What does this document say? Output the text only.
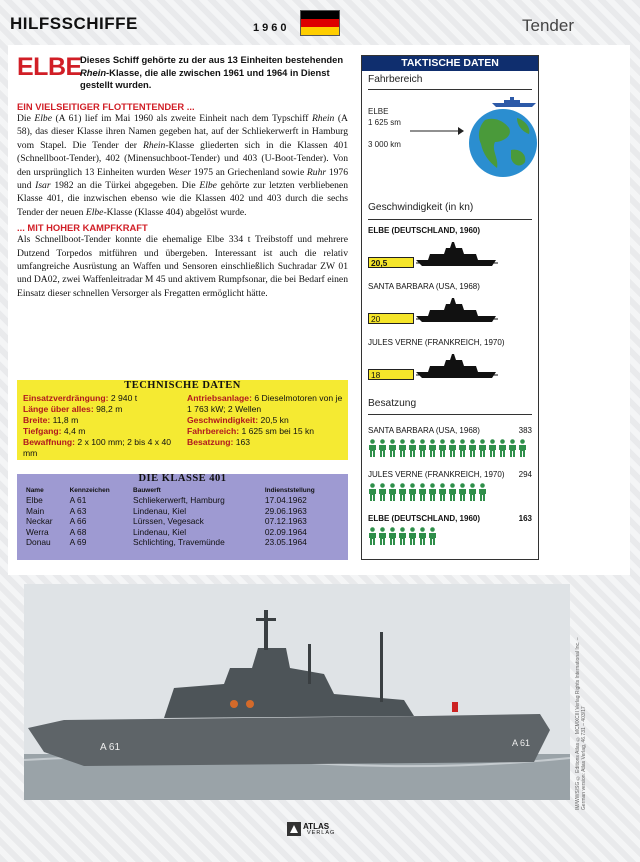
HILFSSCHIFFE	1960	Tender
ELBE
Dieses Schiff gehörte zu der aus 13 Einheiten bestehenden Rhein-Klasse, die alle zwischen 1961 und 1964 in Dienst gestellt wurden.
EIN VIELSEITIGER FLOTTENTENDER ...
Die Elbe (A 61) lief im Mai 1960 als zweite Einheit nach dem Typschiff Rhein (A 58), das dieser Klasse ihren Namen gegeben hat, auf der Schliekerwerft in Hamburg vom Stapel. Die Tender der Rhein-Klasse gliederten sich in die Klassen 401 (Schnellboot-Tender), 402 (Minensuchboot-Tender) und 403 (U-Boot-Tender). Von den ursprünglich 13 Einheiten wurden Weser 1975 an Griechenland sowie Ruhr 1976 und Isar 1982 an die Türkei abgegeben. Die Elbe gehörte zur letzten verbliebenen Klasse 401, die inzwischen ebenso wie die Klassen 402 und 403 durch die sechs Tender der neuen Elbe-Klasse (Klasse 404) abgelöst wurde.
... MIT HOHER KAMPFKRAFT
Als Schnellboot-Tender konnte die ehemalige Elbe 334 t Treibstoff und mehrere Dutzend Torpedos mitführen und übergeben. Interessant ist auch die relativ umfangreiche Ausrüstung an Waffen und Sensoren einschließlich Suchradar ZW 01 und DA02, zwei Waffenleitradar M 45 und aktivem Rumpfsonar, die bei Bedarf einen Einsatz dieser schnellen Versorger als Fregatten ermöglicht hätte.
TECHNISCHE DATEN
Einsatzverdrängung: 2 940 t
Länge über alles: 98,2 m
Breite: 11,8 m
Tiefgang: 4,4 m
Bewaffnung: 2 x 100 mm; 2 bis 4 x 40 mm
Antriebsanlage: 6 Dieselmotoren von je 1 763 kW; 2 Wellen
Geschwindigkeit: 20,5 kn
Fahrbereich: 1 625 sm bei 15 kn
Besatzung: 163
DIE KLASSE 401
Name	Kennzeichen	Bauwerft	Indienststellung
Elbe	A 61	Schliekerwerft, Hamburg	17.04.1962
Main	A 63	Lindenau, Kiel	29.06.1963
Neckar	A 66	Lürssen, Vegesack	07.12.1963
Werra	A 68	Lindenau, Kiel	02.09.1964
Donau	A 69	Schlichting, Travemünde	23.05.1964
TAKTISCHE DATEN
Fahrbereich
ELBE
1 625 sm
3 000 km
Geschwindigkeit (in kn)
ELBE (DEUTSCHLAND, 1960)
20,5
SANTA BARBARA (USA, 1968)
20
JULES VERNE (FRANKREICH, 1970)
18
Besatzung
SANTA BARBARA (USA, 1968)	383
JULES VERNE (FRANKREICH, 1970) 294
ELBE (DEUTSCHLAND, 1960)	163
A 61	A 61	IM/WWS/SG © Editions Atlas © MCMXCIII Verlag Rights International Inc. – German version: Atlas Verlag, 46.731 – 403/17
ATLAS
VERLAG
